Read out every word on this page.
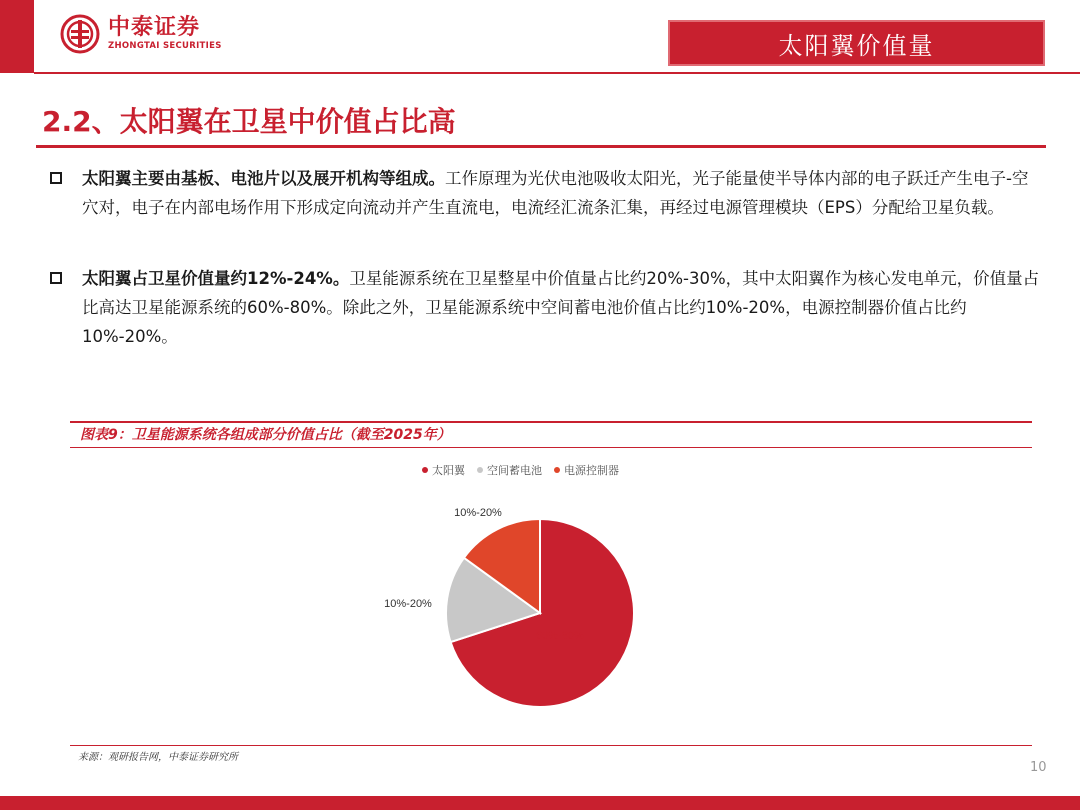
中泰证券
ZHONGTAI SECURITIES	太阳翼价值量
2.2、太阳翼在卫星中价值占比高
太阳翼主要由基板、电池片以及展开机构等组成。工作原理为光伏电池吸收太阳光，光子能量使半导体内部的电子跃迁产生电子-空穴对，电子在内部电场作用下形成定向流动并产生直流电，电流经汇流条汇集，再经过电源管理模块（EPS）分配给卫星负载。
太阳翼占卫星价值量约12%-24%。卫星能源系统在卫星整星中价值量占比约20%-30%，其中太阳翼作为核心发电单元，价值量占比高达卫星能源系统的60%-80%。除此之外，卫星能源系统中空间蓄电池价值占比约10%-20%，电源控制器价值占比约10%-20%。
图表9：卫星能源系统各组成部分价值占比（截至2025年）
太阳翼 空间蓄电池 电源控制器
60%-80%
10%-20%
10%-20%
来源：观研报告网，中泰证券研究所
10
